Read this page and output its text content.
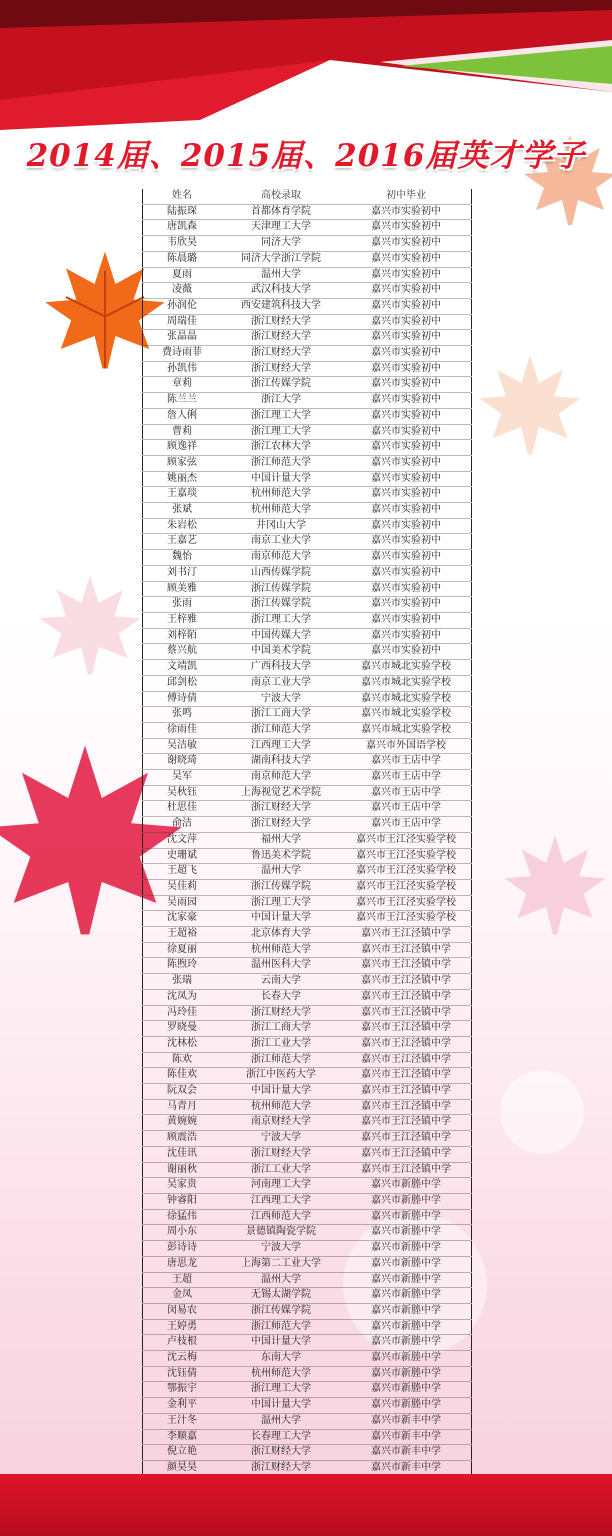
2014届、2015届、2016届英才学子
姓名	高校录取	初中毕业
陆振琛	首都体育学院	嘉兴市实验初中
唐凯森	天津理工大学	嘉兴市实验初中
韦欣昊	同济大学	嘉兴市实验初中
陈晨璐	同济大学浙江学院	嘉兴市实验初中
夏雨	温州大学	嘉兴市实验初中
凌薇	武汉科技大学	嘉兴市实验初中
孙润伦	西安建筑科技大学	嘉兴市实验初中
周瑞佳	浙江财经大学	嘉兴市实验初中
张晶晶	浙江财经大学	嘉兴市实验初中
费诗雨菲	浙江财经大学	嘉兴市实验初中
孙凯伟	浙江财经大学	嘉兴市实验初中
章莉	浙江传媒学院	嘉兴市实验初中
陈兰兰	浙江大学	嘉兴市实验初中
詹人俐	浙江理工大学	嘉兴市实验初中
曹莉	浙江理工大学	嘉兴市实验初中
顾逸祥	浙江农林大学	嘉兴市实验初中
顾家弦	浙江师范大学	嘉兴市实验初中
姚丽杰	中国计量大学	嘉兴市实验初中
王嘉琰	杭州师范大学	嘉兴市实验初中
张斌	杭州师范大学	嘉兴市实验初中
朱岩松	井冈山大学	嘉兴市实验初中
王嘉艺	南京工业大学	嘉兴市实验初中
魏怡	南京师范大学	嘉兴市实验初中
刘书汀	山西传媒学院	嘉兴市实验初中
顾美雅	浙江传媒学院	嘉兴市实验初中
张雨	浙江传媒学院	嘉兴市实验初中
王梓雅	浙江理工大学	嘉兴市实验初中
刘梓陌	中国传媒大学	嘉兴市实验初中
蔡兴航	中国美术学院	嘉兴市实验初中
文靖凯	广西科技大学	嘉兴市城北实验学校
邱剑松	南京工业大学	嘉兴市城北实验学校
傅诗倩	宁波大学	嘉兴市城北实验学校
张鸣	浙江工商大学	嘉兴市城北实验学校
徐雨佳	浙江师范大学	嘉兴市城北实验学校
吴洁敏	江西理工大学	嘉兴市外国语学校
谢晓琦	湖南科技大学	嘉兴市王店中学
吴军	南京师范大学	嘉兴市王店中学
吴秋钰	上海视觉艺术学院	嘉兴市王店中学
杜思佳	浙江财经大学	嘉兴市王店中学
俞洁	浙江财经大学	嘉兴市王店中学
沈文萍	福州大学	嘉兴市王江泾实验学校
史珊斌	鲁迅美术学院	嘉兴市王江泾实验学校
王超飞	温州大学	嘉兴市王江泾实验学校
吴佳莉	浙江传媒学院	嘉兴市王江泾实验学校
吴雨园	浙江理工大学	嘉兴市王江泾实验学校
沈家豪	中国计量大学	嘉兴市王江泾实验学校
王超裕	北京体育大学	嘉兴市王江泾镇中学
徐夏丽	杭州师范大学	嘉兴市王江泾镇中学
陈煦玲	温州医科大学	嘉兴市王江泾镇中学
张瑞	云南大学	嘉兴市王江泾镇中学
沈凤为	长春大学	嘉兴市王江泾镇中学
冯玲佳	浙江财经大学	嘉兴市王江泾镇中学
罗晓曼	浙江工商大学	嘉兴市王江泾镇中学
沈林松	浙江工业大学	嘉兴市王江泾镇中学
陈欢	浙江师范大学	嘉兴市王江泾镇中学
陈佳欢	浙江中医药大学	嘉兴市王江泾镇中学
阮双会	中国计量大学	嘉兴市王江泾镇中学
马青月	杭州师范大学	嘉兴市王江泾镇中学
黄婉婉	南京财经大学	嘉兴市王江泾镇中学
顾震浩	宁波大学	嘉兴市王江泾镇中学
沈佳讯	浙江财经大学	嘉兴市王江泾镇中学
谢丽秋	浙江工业大学	嘉兴市王江泾镇中学
吴家贵	河南理工大学	嘉兴市新塍中学
钟睿阳	江西理工大学	嘉兴市新塍中学
徐猛伟	江西师范大学	嘉兴市新塍中学
周小东	景德镇陶瓷学院	嘉兴市新塍中学
彭诗诗	宁波大学	嘉兴市新塍中学
唐思龙	上海第二工业大学	嘉兴市新塍中学
王超	温州大学	嘉兴市新塍中学
金凤	无锡太湖学院	嘉兴市新塍中学
闵易农	浙江传媒学院	嘉兴市新塍中学
王婷勇	浙江师范大学	嘉兴市新塍中学
卢枝根	中国计量大学	嘉兴市新塍中学
沈云梅	东南大学	嘉兴市新塍中学
沈钰倩	杭州师范大学	嘉兴市新塍中学
鄂振宇	浙江理工大学	嘉兴市新塍中学
金利平	中国计量大学	嘉兴市新塍中学
王汁冬	温州大学	嘉兴市新丰中学
李顺嘉	长春理工大学	嘉兴市新丰中学
倪立艳	浙江财经大学	嘉兴市新丰中学
颜昊昊	浙江财经大学	嘉兴市新丰中学
